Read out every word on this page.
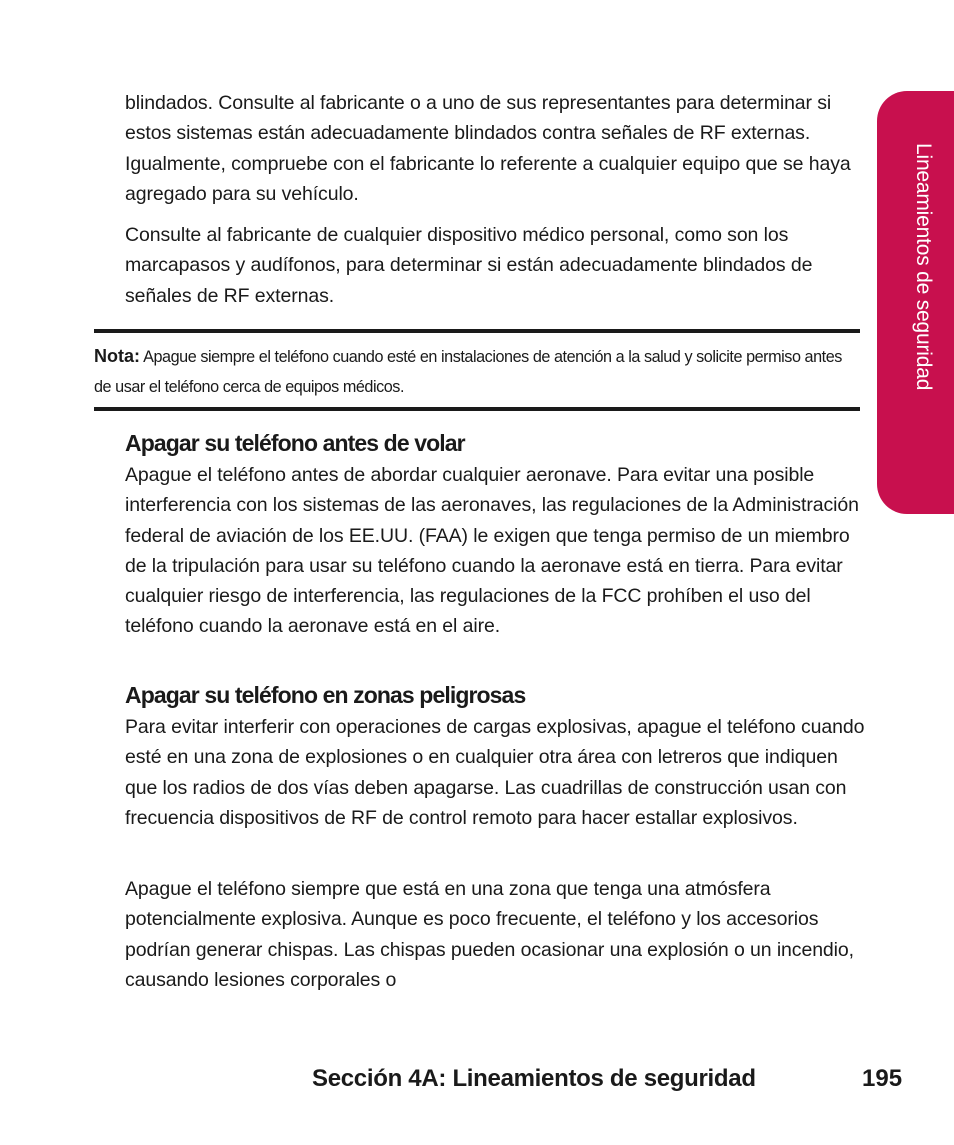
Lineamientos de seguridad

blindados. Consulte al fabricante o a uno de sus representantes para determinar si estos sistemas están adecuadamente blindados contra señales de RF externas. Igualmente, compruebe con el fabricante lo referente a cualquier equipo que se haya agregado para su vehículo.

Consulte al fabricante de cualquier dispositivo médico personal, como son los marcapasos y audífonos, para determinar si están adecuadamente blindados de señales de RF externas.

Nota: Apague siempre el teléfono cuando esté en instalaciones de atención a la salud y solicite permiso antes de usar el teléfono cerca de equipos médicos.

Apagar su teléfono antes de volar

Apague el teléfono antes de abordar cualquier aeronave. Para evitar una posible interferencia con los sistemas de las aeronaves, las regulaciones de la Administración federal de aviación de los EE.UU. (FAA) le exigen que tenga permiso de un miembro de la tripulación para usar su teléfono cuando la aeronave está en tierra. Para evitar cualquier riesgo de interferencia, las regulaciones de la FCC prohíben el uso del teléfono cuando la aeronave está en el aire.

Apagar su teléfono en zonas peligrosas

Para evitar interferir con operaciones de cargas explosivas, apague el teléfono cuando esté en una zona de explosiones o en cualquier otra área con letreros que indiquen que los radios de dos vías deben apagarse. Las cuadrillas de construcción usan con frecuencia dispositivos de RF de control remoto para hacer estallar explosivos.

Apague el teléfono siempre que está en una zona que tenga una atmósfera potencialmente explosiva. Aunque es poco frecuente, el teléfono y los accesorios podrían generar chispas. Las chispas pueden ocasionar una explosión o un incendio, causando lesiones corporales o

Sección 4A: Lineamientos de seguridad	195
